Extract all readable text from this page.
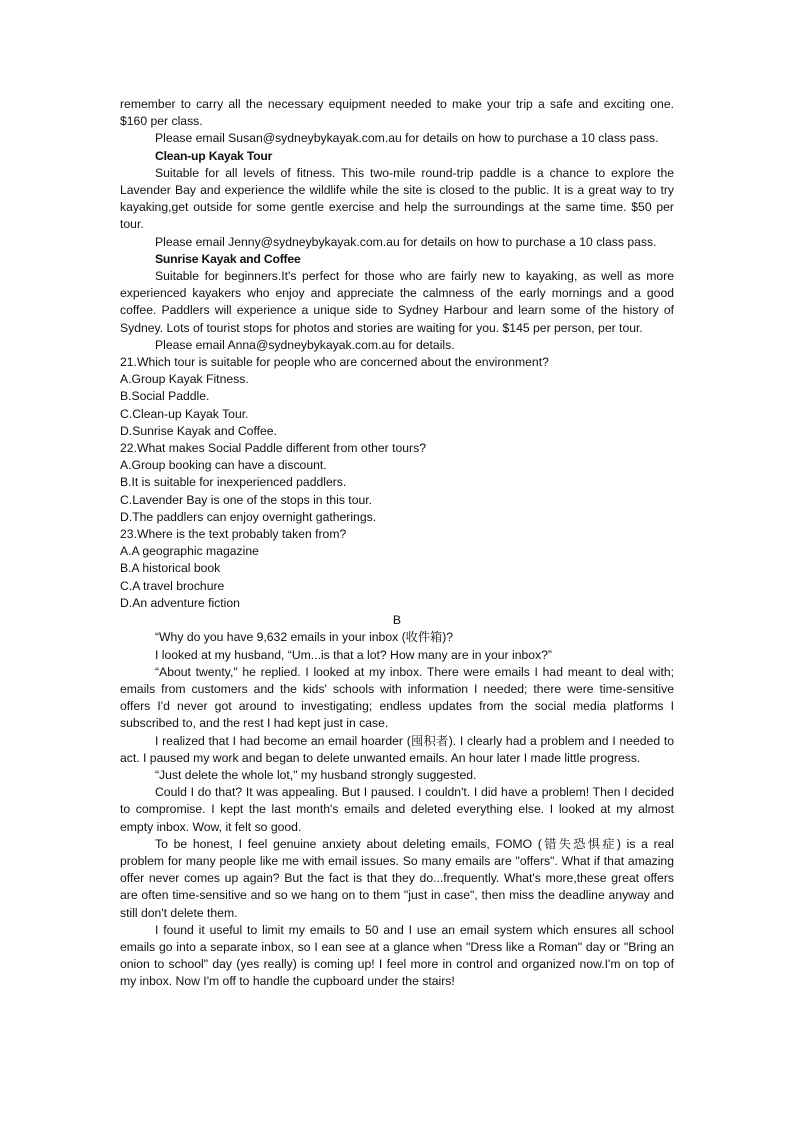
remember to carry all the necessary equipment needed to make your trip a safe and exciting one. $160 per class.

Please email Susan@sydneybykayak.com.au for details on how to purchase a 10 class pass.

Clean-up Kayak Tour

Suitable for all levels of fitness. This two-mile round-trip paddle is a chance to explore the Lavender Bay and experience the wildlife while the site is closed to the public. It is a great way to try kayaking,get outside for some gentle exercise and help the surroundings at the same time. $50 per tour.

Please email Jenny@sydneybykayak.com.au for details on how to purchase a 10 class pass.

Sunrise Kayak and Coffee

Suitable for beginners.It's perfect for those who are fairly new to kayaking, as well as more experienced kayakers who enjoy and appreciate the calmness of the early mornings and a good coffee. Paddlers will experience a unique side to Sydney Harbour and learn some of the history of Sydney. Lots of tourist stops for photos and stories are waiting for you. $145 per person, per tour.

Please email Anna@sydneybykayak.com.au for details.

21.Which tour is suitable for people who are concerned about the environment?

A.Group Kayak Fitness.

B.Social Paddle.

C.Clean-up Kayak Tour.

D.Sunrise Kayak and Coffee.

22.What makes Social Paddle different from other tours?

A.Group booking can have a discount.

B.It is suitable for inexperienced paddlers.

C.Lavender Bay is one of the stops in this tour.

D.The paddlers can enjoy overnight gatherings.

23.Where is the text probably taken from?

A.A geographic magazine

B.A historical book

C.A travel brochure

D.An adventure fiction

B

“Why do you have 9,632 emails in your inbox (收件箱)?

I looked at my husband, “Um...is that a lot? How many are in your inbox?”

“About twenty," he replied. I looked at my inbox. There were emails I had meant to deal with; emails from customers and the kids' schools with information I needed; there were time-sensitive offers I'd never got around to investigating; endless updates from the social media platforms I subscribed to, and the rest I had kept just in case.

I realized that I had become an email hoarder (囤积者). I clearly had a problem and I needed to act. I paused my work and began to delete unwanted emails. An hour later I made little progress.

“Just delete the whole lot," my husband strongly suggested.

Could I do that? It was appealing. But I paused. I couldn't. I did have a problem! Then I decided to compromise. I kept the last month's emails and deleted everything else. I looked at my almost empty inbox. Wow, it felt so good.

To be honest, I feel genuine anxiety about deleting emails, FOMO (错失恐惧症) is a real problem for many people like me with email issues. So many emails are "offers". What if that amazing offer never comes up again? But the fact is that they do...frequently. What's more,these great offers are often time-sensitive and so we hang on to them "just in case", then miss the deadline anyway and still don't delete them.

I found it useful to limit my emails to 50 and I use an email system which ensures all school emails go into a separate inbox, so I ean see at a glance when "Dress like a Roman" day or "Bring an onion to school" day (yes really) is coming up! I feel more in control and organized now.I'm on top of my inbox. Now I'm off to handle the cupboard under the stairs!
